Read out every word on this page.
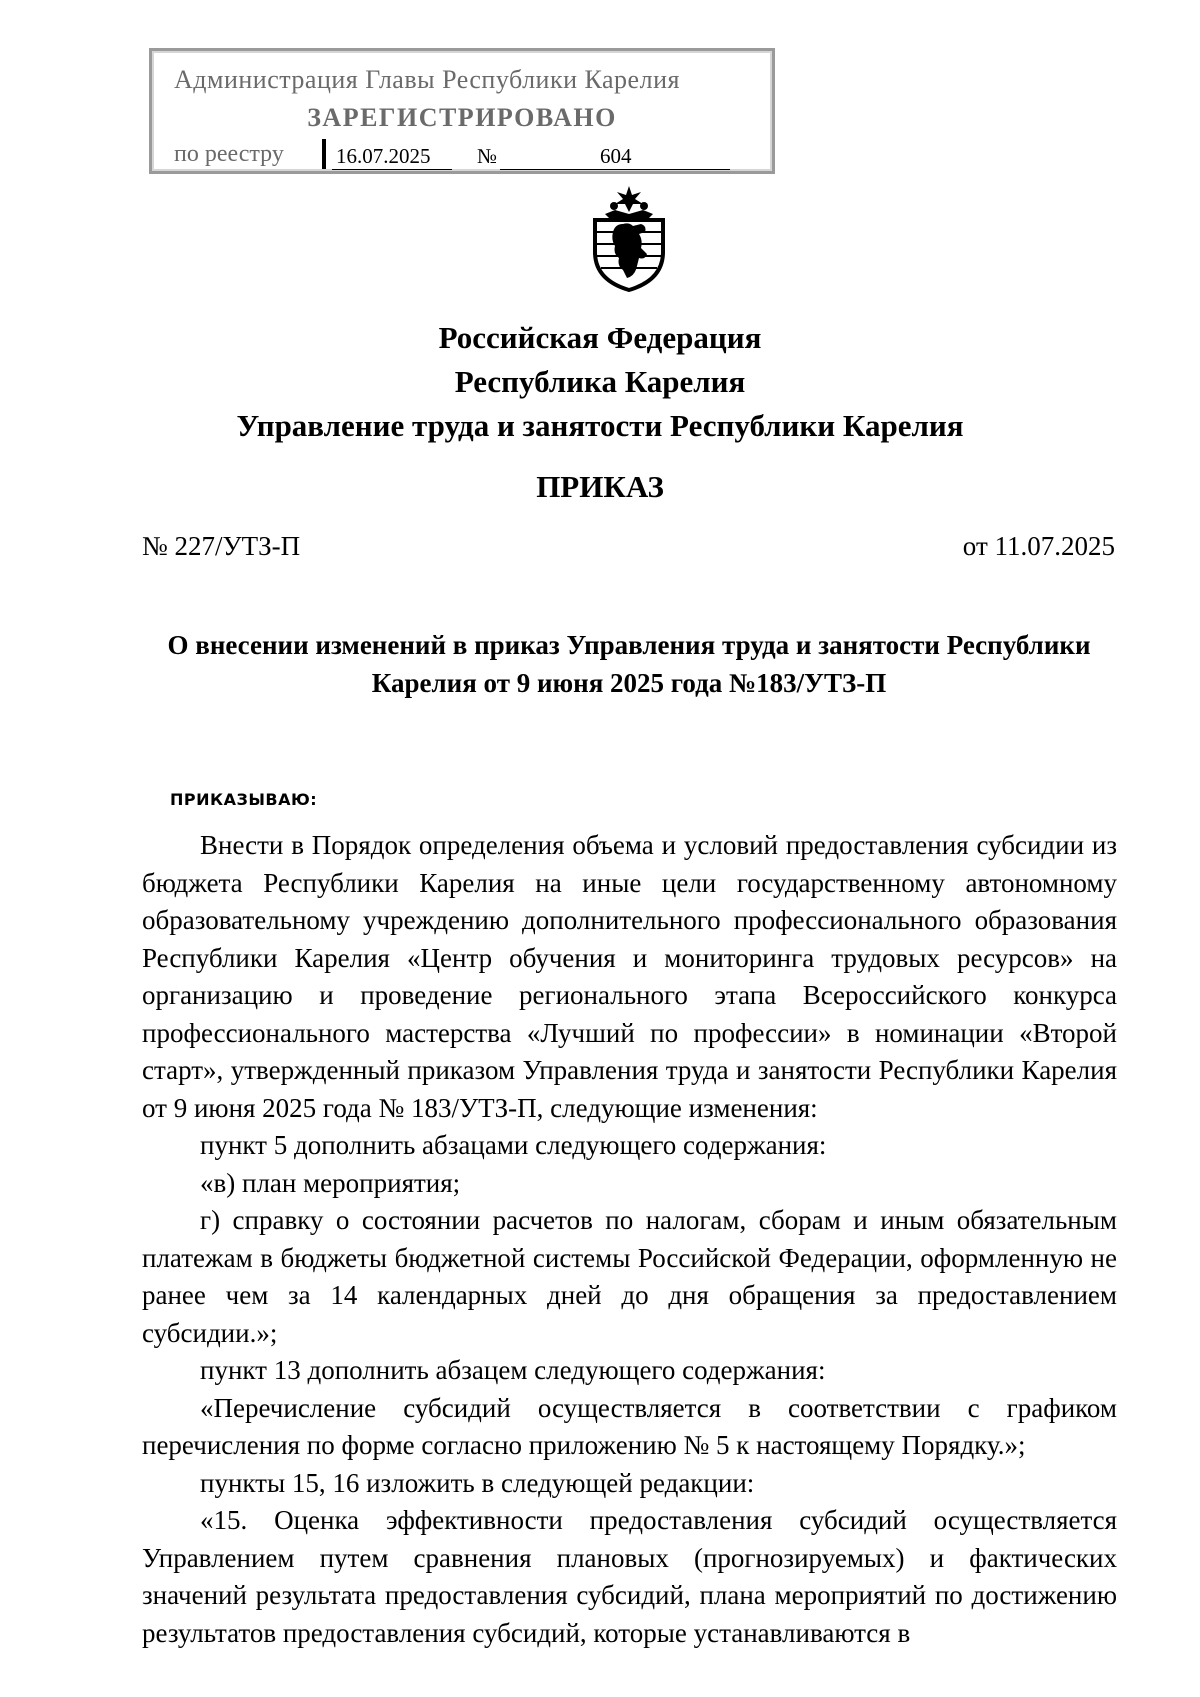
Администрация Главы Республики Карелия
ЗАРЕГИСТРИРОВАНО
по реестру 16.07.2025 №	604
Российская Федерация
Республика Карелия
Управление труда и занятости Республики Карелия
ПРИКАЗ
№ 227/УТЗ-П	от 11.07.2025
О внесении изменений в приказ Управления труда и занятости Республики Карелия от 9 июня 2025 года №183/УТЗ-П
ПРИКАЗЫВАЮ:

Внести в Порядок определения объема и условий предоставления субсидии из бюджета Республики Карелия на иные цели государственному автономному образовательному учреждению дополнительного профессионального образования Республики Карелия «Центр обучения и мониторинга трудовых ресурсов» на организацию и проведение регионального этапа Всероссийского конкурса профессионального мастерства «Лучший по профессии» в номинации «Второй старт», утвержденный приказом Управления труда и занятости Республики Карелия от 9 июня 2025 года № 183/УТЗ-П, следующие изменения:

пункт 5 дополнить абзацами следующего содержания:

«в) план мероприятия;

г) справку о состоянии расчетов по налогам, сборам и иным обязательным платежам в бюджеты бюджетной системы Российской Федерации, оформленную не ранее чем за 14 календарных дней до дня обращения за предоставлением субсидии.»;

пункт 13 дополнить абзацем следующего содержания:

«Перечисление субсидий осуществляется в соответствии с графиком перечисления по форме согласно приложению № 5 к настоящему Порядку.»;

пункты 15, 16 изложить в следующей редакции:

«15. Оценка эффективности предоставления субсидий осуществляется Управлением путем сравнения плановых (прогнозируемых) и фактических значений результата предоставления субсидий, плана мероприятий по достижению результатов предоставления субсидий, которые устанавливаются в
